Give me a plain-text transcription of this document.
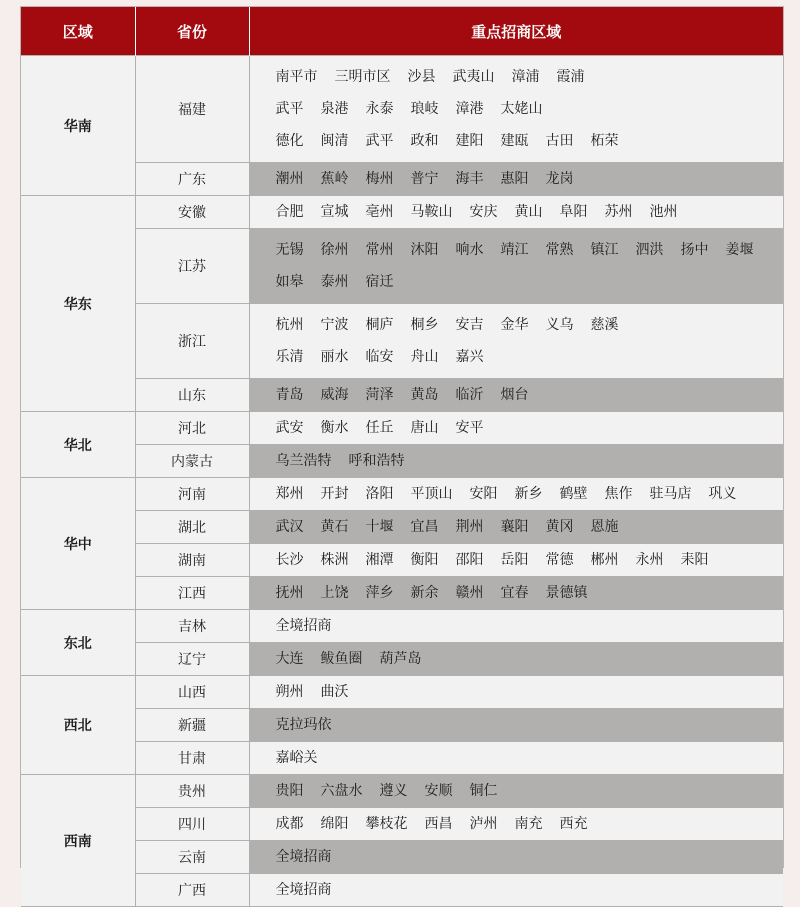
区域	省份	重点招商区域
华南	福建	南平市 三明市区 沙县 武夷山 漳浦 霞浦
武平 泉港 永泰 琅岐 漳港 太姥山
德化 闽清 武平 政和 建阳 建瓯 古田 柘荣

	广东	潮州 蕉岭 梅州 普宁 海丰 惠阳 龙岗

华东	安徽	合肥 宣城 亳州 马鞍山 安庆 黄山 阜阳 苏州 池州

	江苏	无锡 徐州 常州 沐阳 响水 靖江 常熟 镇江 泗洪 扬中 姜堰
如皋 泰州 宿迁

	浙江	杭州 宁波 桐庐 桐乡 安吉 金华 义乌 慈溪
乐清 丽水 临安 舟山 嘉兴

	山东	青岛 威海 菏泽 黄岛 临沂 烟台

华北	河北	武安 衡水 任丘 唐山 安平

	内蒙古	乌兰浩特 呼和浩特

华中	河南	郑州 开封 洛阳 平顶山 安阳 新乡 鹤壁 焦作 驻马店 巩义

	湖北	武汉 黄石 十堰 宜昌 荆州 襄阳 黄冈 恩施

	湖南	长沙 株洲 湘潭 衡阳 邵阳 岳阳 常德 郴州 永州 耒阳

	江西	抚州 上饶 萍乡 新余 赣州 宜春 景德镇

东北	吉林	全境招商

	辽宁	大连 鲅鱼圈 葫芦岛

西北	山西	朔州 曲沃

	新疆	克拉玛依

	甘肃	嘉峪关

西南	贵州	贵阳 六盘水 遵义 安顺 铜仁

	四川	成都 绵阳 攀枝花 西昌 泸州 南充 西充

	云南	全境招商

	广西	全境招商
